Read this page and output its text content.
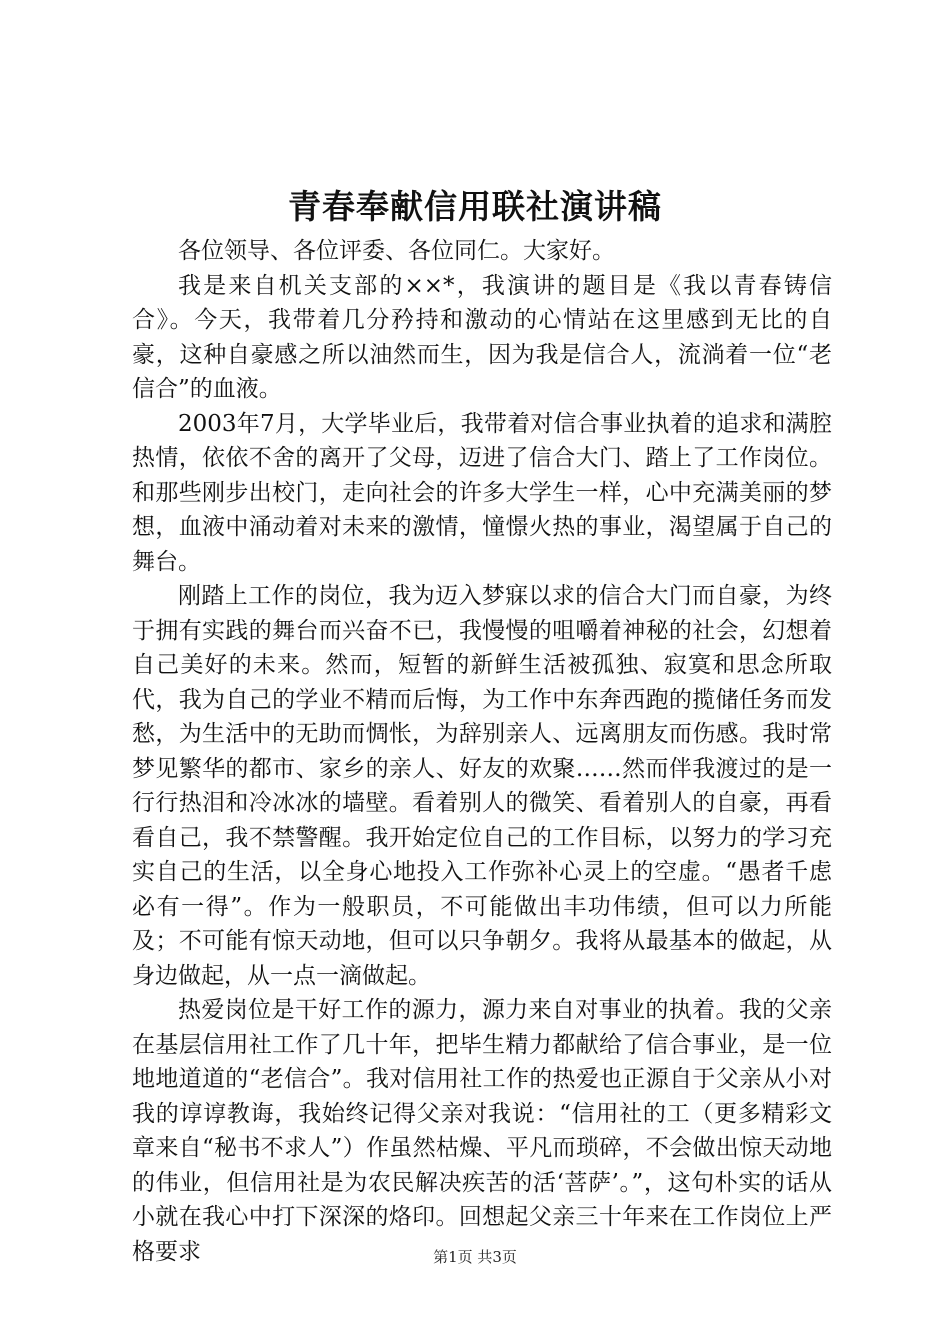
青春奉献信用联社演讲稿

各位领导、各位评委、各位同仁。大家好。

我是来自机关支部的××*，我演讲的题目是《我以青春铸信合》。今天，我带着几分矜持和激动的心情站在这里感到无比的自豪，这种自豪感之所以油然而生，因为我是信合人，流淌着一位“老信合”的血液。

2003年7月，大学毕业后，我带着对信合事业执着的追求和满腔热情，依依不舍的离开了父母，迈进了信合大门、踏上了工作岗位。和那些刚步出校门，走向社会的许多大学生一样，心中充满美丽的梦想，血液中涌动着对未来的激情，憧憬火热的事业，渴望属于自己的舞台。

刚踏上工作的岗位，我为迈入梦寐以求的信合大门而自豪，为终于拥有实践的舞台而兴奋不已，我慢慢的咀嚼着神秘的社会，幻想着自己美好的未来。然而，短暂的新鲜生活被孤独、寂寞和思念所取代，我为自己的学业不精而后悔，为工作中东奔西跑的揽储任务而发愁，为生活中的无助而惆怅，为辞别亲人、远离朋友而伤感。我时常梦见繁华的都市、家乡的亲人、好友的欢聚……然而伴我渡过的是一行行热泪和冷冰冰的墙壁。看着别人的微笑、看着别人的自豪，再看看自己，我不禁警醒。我开始定位自己的工作目标，以努力的学习充实自己的生活，以全身心地投入工作弥补心灵上的空虚。“愚者千虑必有一得”。作为一般职员，不可能做出丰功伟绩，但可以力所能及；不可能有惊天动地，但可以只争朝夕。我将从最基本的做起，从身边做起，从一点一滴做起。

热爱岗位是干好工作的源力，源力来自对事业的执着。我的父亲在基层信用社工作了几十年，把毕生精力都献给了信合事业，是一位地地道道的“老信合”。我对信用社工作的热爱也正源自于父亲从小对我的谆谆教诲，我始终记得父亲对我说：“信用社的工（更多精彩文章来自“秘书不求人”）作虽然枯燥、平凡而琐碎，不会做出惊天动地的伟业，但信用社是为农民解决疾苦的活‘菩萨’。”，这句朴实的话从小就在我心中打下深深的烙印。回想起父亲三十年来在工作岗位上严格要求	第1页 共3页
